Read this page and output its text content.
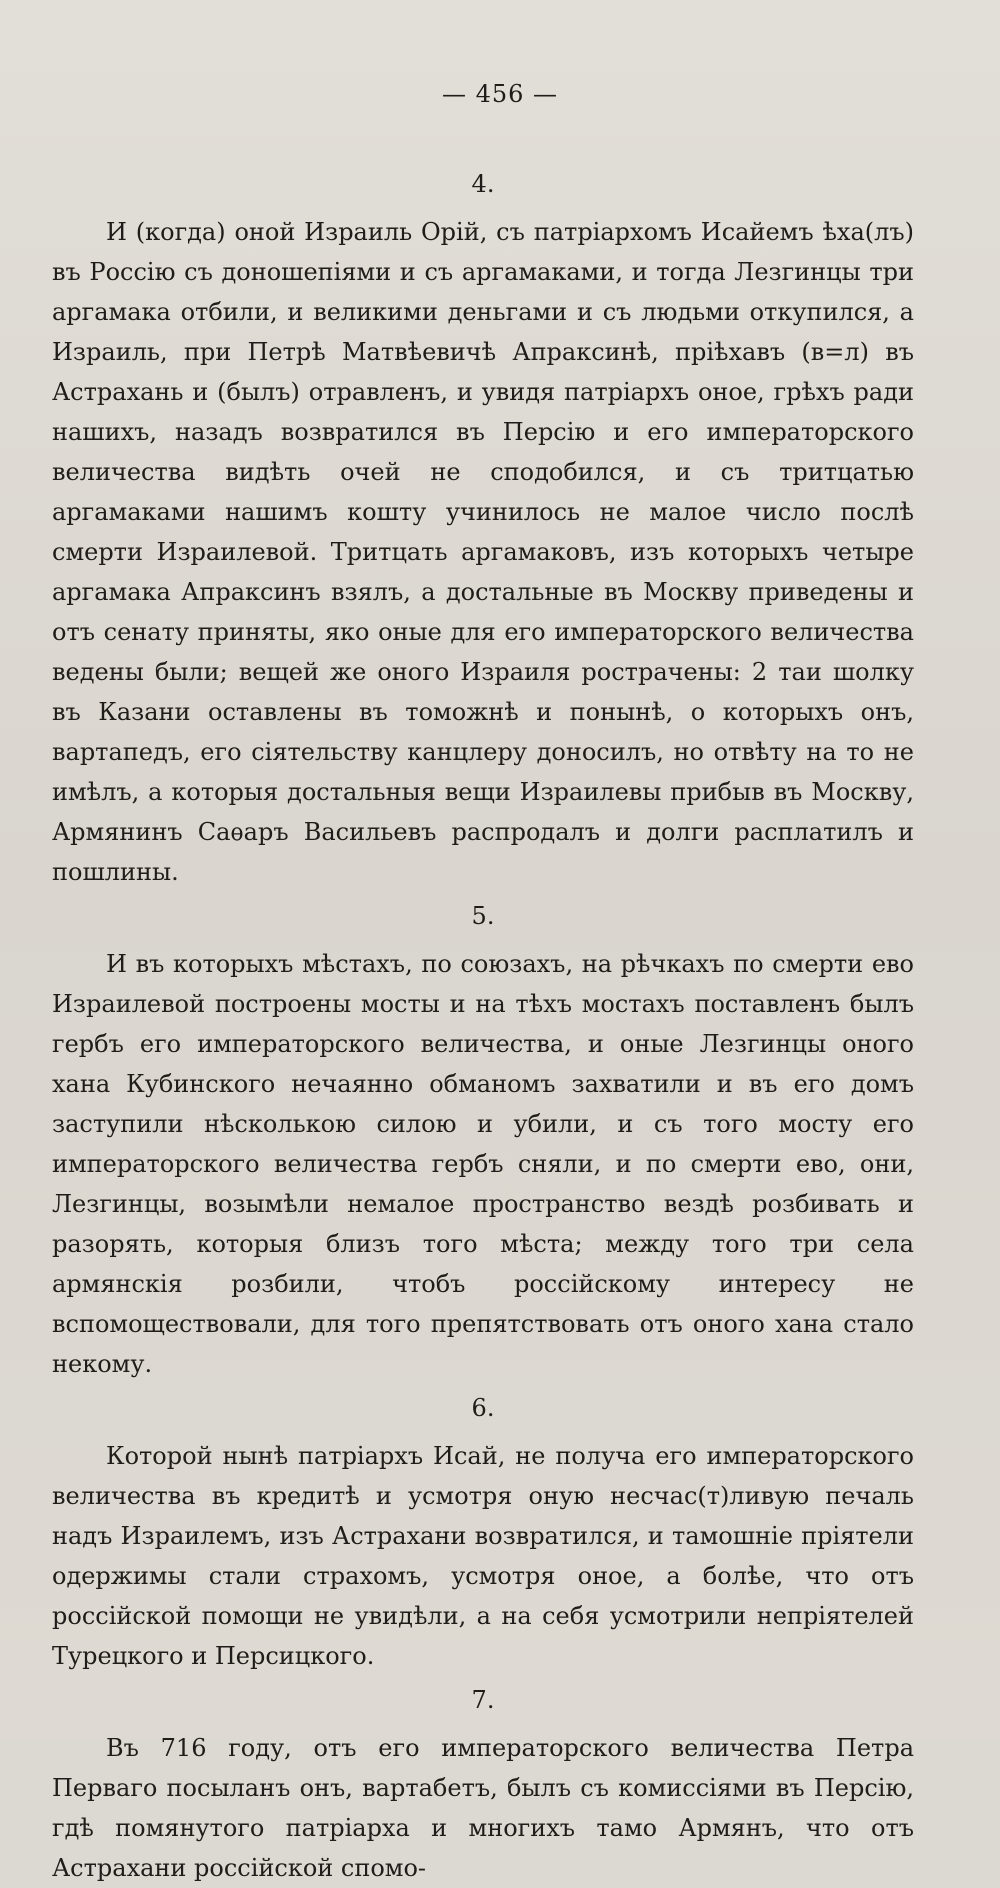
— 456 —
4.

И (когда) оной Израиль Орій, съ патріархомъ Исайемъ ѣха(лъ) въ Россію съ доношепіями и съ аргамаками, и тогда Лезгинцы три аргамака отбили, и великими деньгами и съ людьми откупился, а Израиль, при Петрѣ Матвѣевичѣ Апраксинѣ, пріѣхавъ (в=л) въ Астрахань и (былъ) отравленъ, и увидя патріархъ оное, грѣхъ ради нашихъ, назадъ возвратился въ Персію и его императорского величества видѣть очей не сподобился, и съ тритцатью аргамаками нашимъ кошту учинилось не малое число послѣ смерти Израилевой. Тритцать аргамаковъ, изъ которыхъ четыре аргамака Апраксинъ взялъ, а достальные въ Москву приведены и отъ сенату приняты, яко оные для его императорского величества ведены были; вещей же оного Израиля рострачены: 2 таи шолку въ Казани оставлены въ томожнѣ и понынѣ, о которыхъ онъ, вартапедъ, его сіятельству канцлеру доносилъ, но отвѣту на то не имѣлъ, а которыя достальныя вещи Израилевы прибыв въ Москву, Армянинъ Саѳаръ Васильевъ распродалъ и долги расплатилъ и пошлины.

5.

И въ которыхъ мѣстахъ, по союзахъ, на рѣчкахъ по смерти ево Израилевой построены мосты и на тѣхъ мостахъ поставленъ былъ гербъ его императорского величества, и оные Лезгинцы оного хана Кубинского нечаянно обманомъ захватили и въ его домъ заступили нѣсколькою силою и убили, и съ того мосту его императорского величества гербъ сняли, и по смерти ево, они, Лезгинцы, возымѣли немалое пространство вездѣ розбивать и разорять, которыя близъ того мѣста; между того три села армянскія розбили, чтобъ россійскому интересу не вспомоществовали, для того препятствовать отъ оного хана стало некому.

6.

Которой нынѣ патріархъ Исай, не получа его императорского величества въ кредитѣ и усмотря оную несчас(т)ливую печаль надъ Израилемъ, изъ Астрахани возвратился, и тамошніе пріятели одержимы стали страхомъ, усмотря оное, а болѣе, что отъ россійской помощи не увидѣли, а на себя усмотрили непріятелей Турецкого и Персицкого.

7.

Въ 716 году, отъ его императорского величества Петра Перваго посыланъ онъ, вартабетъ, былъ съ комиссіями въ Персію, гдѣ помянутого патріарха и многихъ тамо Армянъ, что отъ Астрахани россійской спомо-
